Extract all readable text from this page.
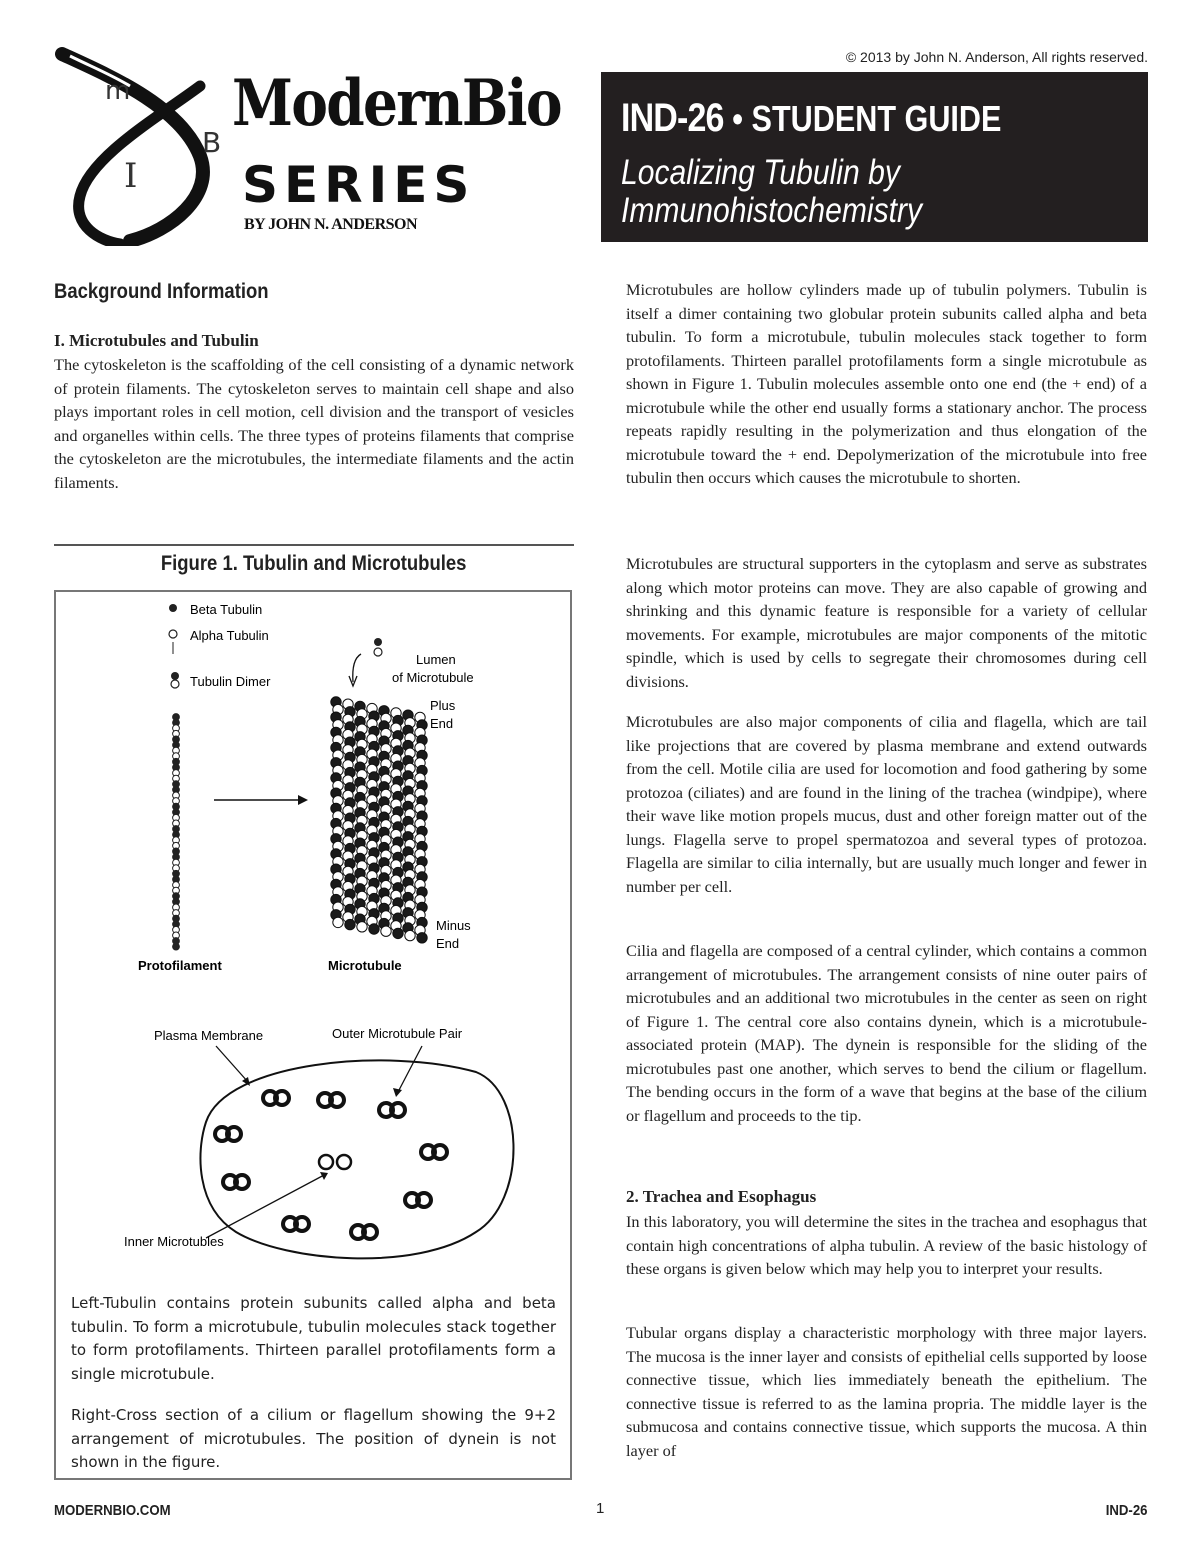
© 2013 by John N. Anderson, All rights reserved.
m
B
I
ModernBio
SERIES
BY JOHN N. ANDERSON
IND-26 • STUDENT GUIDE
Localizing Tubulin by
Immunohistochemistry
Background Information
I. Microtubules and Tubulin
The cytoskeleton is the scaffolding of the cell consisting of a dynamic network of protein filaments. The cytoskeleton serves to maintain cell shape and also plays important roles in cell motion, cell division and the transport of vesicles and organelles within cells. The three types of proteins filaments that comprise the cytoskeleton are the microtubules, the intermediate filaments and the actin filaments.
Figure 1. Tubulin and Microtubules
Beta Tubulin
Alpha Tubulin
Tubulin Dimer
Protofilament
Lumen
of Microtubule
Plus
End
Minus
End
Microtubule
Plasma Membrane	Outer Microtubule Pair
Inner Microtubles
Left-Tubulin contains protein subunits called alpha and beta tubulin. To form a microtubule, tubulin molecules stack together to form protofilaments. Thirteen parallel protofilaments form a single microtubule.
Right-Cross section of a cilium or flagellum showing the 9+2 arrangement of microtubules. The position of dynein is not shown in the figure.
Microtubules are hollow cylinders made up of tubulin polymers. Tubulin is itself a dimer containing two globular protein subunits called alpha and beta tubulin. To form a microtubule, tubulin molecules stack together to form protofilaments. Thirteen parallel protofilaments form a single microtubule as shown in Figure 1. Tubulin molecules assemble onto one end (the + end) of a microtubule while the other end usually forms a stationary anchor. The process repeats rapidly resulting in the polymerization and thus elongation of the microtubule toward the + end. Depolymerization of the microtubule into free tubulin then occurs which causes the microtubule to shorten.
Microtubules are structural supporters in the cytoplasm and serve as substrates along which motor proteins can move. They are also capable of growing and shrinking and this dynamic feature is responsible for a variety of cellular movements. For example, microtubules are major components of the mitotic spindle, which is used by cells to segregate their chromosomes during cell divisions.
Microtubules are also major components of cilia and flagella, which are tail like projections that are covered by plasma membrane and extend outwards from the cell. Motile cilia are used for locomotion and food gathering by some protozoa (ciliates) and are found in the lining of the trachea (windpipe), where their wave like motion propels mucus, dust and other foreign matter out of the lungs. Flagella serve to propel spermatozoa and several types of protozoa. Flagella are similar to cilia internally, but are usually much longer and fewer in number per cell.
Cilia and flagella are composed of a central cylinder, which contains a common arrangement of microtubules. The arrangement consists of nine outer pairs of microtubules and an additional two microtubules in the center as seen on right of Figure 1. The central core also contains dynein, which is a microtubule-associated protein (MAP). The dynein is responsible for the sliding of the microtubules past one another, which serves to bend the cilium or flagellum. The bending occurs in the form of a wave that begins at the base of the cilium or flagellum and proceeds to the tip.
2. Trachea and Esophagus
In this laboratory, you will determine the sites in the trachea and esophagus that contain high concentrations of alpha tubulin. A review of the basic histology of these organs is given below which may help you to interpret your results.
Tubular organs display a characteristic morphology with three major layers. The mucosa is the inner layer and consists of epithelial cells supported by loose connective tissue, which lies immediately beneath the epithelium. The connective tissue is referred to as the lamina propria. The middle layer is the submucosa and contains connective tissue, which supports the mucosa. A thin layer of
MODERNBIO.COM	1	IND-26
